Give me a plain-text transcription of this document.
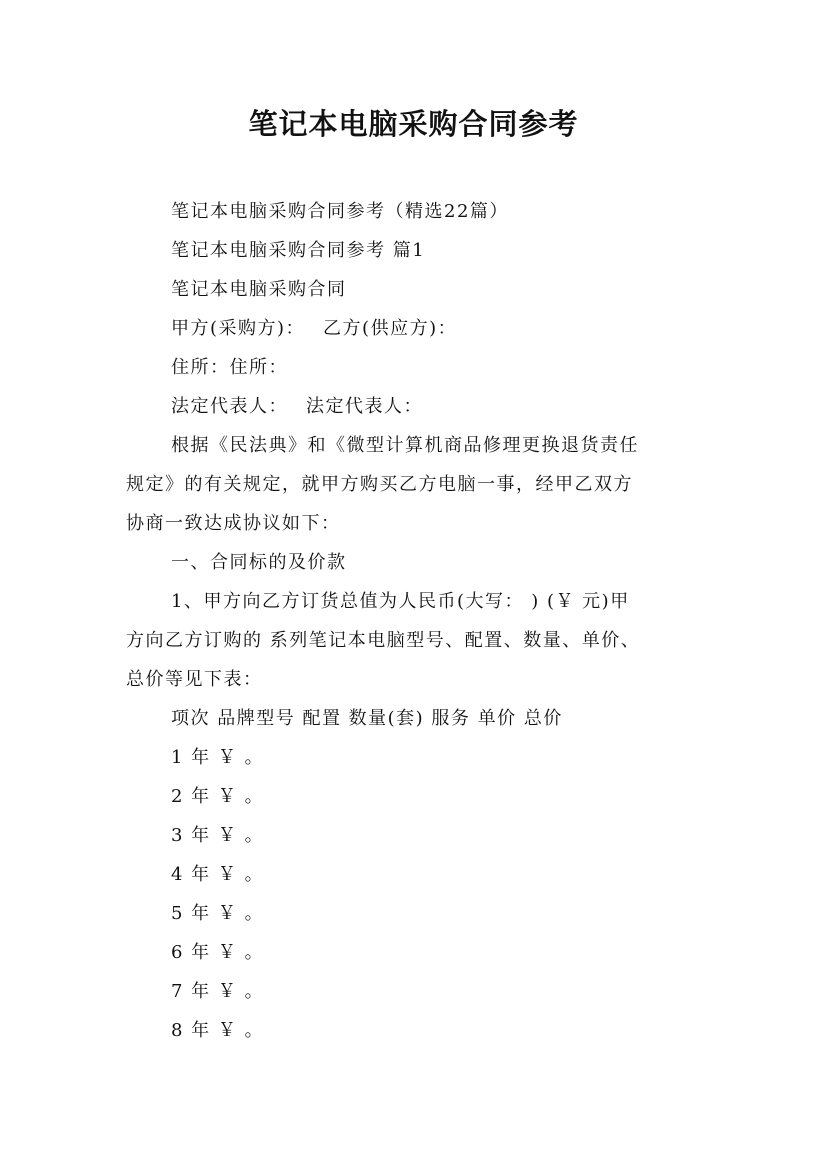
笔记本电脑采购合同参考

笔记本电脑采购合同参考（精选22篇）

笔记本电脑采购合同参考 篇1

笔记本电脑采购合同

甲方(采购方)： 乙方(供应方)：

住所：住所：

法定代表人： 法定代表人：

根据《民法典》和《微型计算机商品修理更换退货责任
规定》的有关规定，就甲方购买乙方电脑一事，经甲乙双方
协商一致达成协议如下：

一、合同标的及价款

1、甲方向乙方订货总值为人民币(大写： ) (￥ 元)甲
方向乙方订购的 系列笔记本电脑型号、配置、数量、单价、
总价等见下表：

项次 品牌型号 配置 数量(套) 服务 单价 总价

1 年 ￥ 。

2 年 ￥ 。

3 年 ￥ 。

4 年 ￥ 。

5 年 ￥ 。

6 年 ￥ 。

7 年 ￥ 。

8 年 ￥ 。
